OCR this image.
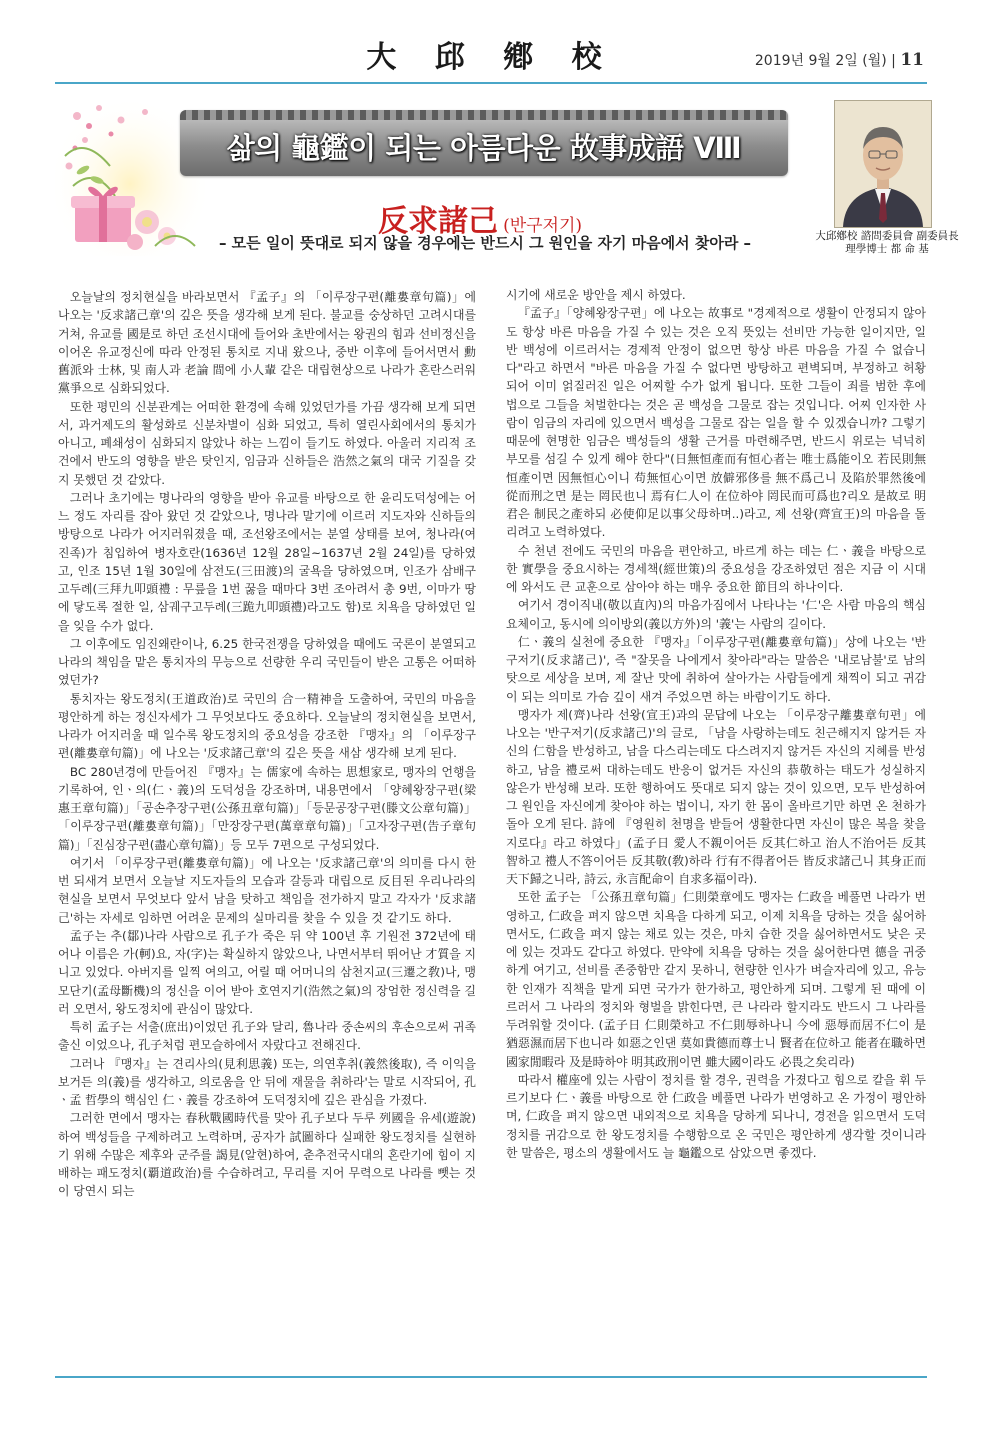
大 邱 鄕 校	2019년 9월 2일 (월) | 11
삶의 龜鑑이 되는 아름다운 故事成語 Ⅷ
反求諸己 (반구저기)
– 모든 일이 뜻대로 되지 않을 경우에는 반드시 그 원인을 자기 마음에서 찾아라 –	大邱鄕校 諮問委員會 副委員長
理學博士 都 命 基

오늘날의 정치현실을 바라보면서 『孟子』의 「이루장구편(離婁章句篇)」에 나오는 '反求諸己章'의 깊은 뜻을 생각해 보게 된다. 불교를 숭상하던 고려시대를 거쳐, 유교를 國是로 하던 조선시대에 들어와 초반에서는 왕권의 힘과 선비정신을 이어온 유교정신에 따라 안정된 통치로 지내 왔으나, 중반 이후에 들어서면서 勳舊派와 士林, 및 南人과 老論 間에 小人輩 같은 대립현상으로 나라가 혼란스러워 黨爭으로 심화되었다.

또한 평민의 신분관계는 어떠한 환경에 속해 있었던가를 가끔 생각해 보게 되면서, 과거제도의 활성화로 신분차별이 심화 되었고, 특히 열린사회에서의 통치가 아니고, 폐쇄성이 심화되지 않았나 하는 느낌이 들기도 하였다. 아울러 지리적 조건에서 반도의 영향을 받은 탓인지, 임금과 신하들은 浩然之氣의 대국 기질을 갖지 못했던 것 같았다.

그러나 초기에는 명나라의 영향을 받아 유교를 바탕으로 한 윤리도덕성에는 어느 정도 자리를 잡아 왔던 것 같았으나, 명나라 말기에 이르러 지도자와 신하들의 방탕으로 나라가 어지러워졌을 때, 조선왕조에서는 분열 상태를 보여, 청나라(여진족)가 침입하여 병자호란(1636년 12월 28일~1637년 2월 24일)를 당하였고, 인조 15년 1월 30일에 삼전도(三田渡)의 굴욕을 당하였으며, 인조가 삼배구고두례(三拜九叩頭禮 : 무릎을 1번 꿇을 때마다 3번 조아려서 총 9번, 이마가 땅에 닿도록 절한 일, 삼궤구고두례(三跪九叩頭禮)라고도 함)로 치욕을 당하였던 일을 잊을 수가 없다.

그 이후에도 임진왜란이나, 6.25 한국전쟁을 당하였을 때에도 국론이 분열되고 나라의 책임을 맡은 통치자의 무능으로 선량한 우리 국민들이 받은 고통은 어떠하였던가?

통치자는 왕도정치(王道政治)로 국민의 合一精神을 도출하여, 국민의 마음을 평안하게 하는 정신자세가 그 무엇보다도 중요하다. 오늘날의 정치현실을 보면서, 나라가 어지러울 때 일수록 왕도정치의 중요성을 강조한 『맹자』의 「이루장구편(離婁章句篇)」에 나오는 '反求諸己章'의 깊은 뜻을 새삼 생각해 보게 된다.

BC 280년경에 만들어진 『맹자』는 儒家에 속하는 思想家로, 맹자의 언행을 기록하여, 인ㆍ의(仁ㆍ義)의 도덕성을 강조하며, 내용면에서 「양혜왕장구편(梁惠王章句篇)」「공손추장구편(公孫丑章句篇)」「등문공장구편(滕文公章句篇)」「이루장구편(離婁章句篇)」「만장장구편(萬章章句篇)」「고자장구편(告子章句篇)」「진심장구편(盡心章句篇)」등 모두 7편으로 구성되었다.

여기서 「이루장구편(離婁章句篇)」에 나오는 '反求諸己章'의 의미를 다시 한번 되새겨 보면서 오늘날 지도자들의 모습과 갈등과 대립으로 反目된 우리나라의 현실을 보면서 무엇보다 앞서 남을 탓하고 책임을 전가하지 말고 각자가 '反求諸己'하는 자세로 임하면 어려운 문제의 실마리를 찾을 수 있을 것 같기도 하다.

孟子는 추(鄒)나라 사람으로 孔子가 죽은 뒤 약 100년 후 기원전 372년에 태어나 이름은 가(軻)요, 자(字)는 확실하지 않았으나, 나면서부터 뛰어난 才質을 지니고 있었다. 아버지를 일찍 여의고, 어릴 때 어머니의 삼천지교(三遷之敎)나, 맹모단기(孟母斷機)의 정신을 이어 받아 호연지기(浩然之氣)의 장엄한 정신력을 길러 오면서, 왕도정치에 관심이 많았다.

특히 孟子는 서출(庶出)이었던 孔子와 달리, 魯나라 중손씨의 후손으로써 귀족출신 이었으나, 孔子처럼 편모슬하에서 자랐다고 전해진다.

그러나 『맹자』는 견리사의(見利思義) 또는, 의연후취(義然後取), 즉 이익을 보거든 의(義)를 생각하고, 의로움을 안 뒤에 재물을 취하라'는 말로 시작되어, 孔ㆍ孟 哲學의 핵심인 仁ㆍ義를 강조하여 도덕정치에 깊은 관심을 가졌다.

그러한 면에서 맹자는 春秋戰國時代를 맞아 孔子보다 두루 列國을 유세(遊說)하여 백성들을 구제하려고 노력하며, 공자가 試圖하다 실패한 왕도정치를 실현하기 위해 수많은 제후와 군주를 謁見(알현)하여, 춘추전국시대의 혼란기에 힘이 지배하는 패도정치(覇道政治)를 수습하려고, 무리를 지어 무력으로 나라를 뺏는 것이 당연시 되는

시기에 새로운 방안을 제시 하였다.

『孟子』「양혜왕장구편」에 나오는 故事로 "경제적으로 생활이 안정되지 않아도 항상 바른 마음을 가질 수 있는 것은 오직 뜻있는 선비만 가능한 일이지만, 일반 백성에 이르러서는 경제적 안정이 없으면 항상 바른 마음을 가질 수 없습니다"라고 하면서 "바른 마음을 가질 수 없다면 방탕하고 편벽되며, 부정하고 허황되어 이미 얽질러진 일은 어찌할 수가 없게 됩니다. 또한 그들이 죄를 범한 후에 법으로 그들을 처벌한다는 것은 곧 백성을 그물로 잡는 것입니다. 어찌 인자한 사람이 임금의 자리에 있으면서 백성을 그물로 잡는 일을 할 수 있겠습니까? 그렇기 때문에 현명한 임금은 백성들의 생활 근거를 마련해주면, 반드시 위로는 넉넉히 부모를 섬길 수 있게 해야 한다"(日無恒產而有恒心者는 唯士爲能이오 若民則無恒產이면 因無恒心이니 苟無恒心이면 放僻邪侈를 無不爲己니 及陷於罪然後에 從而刑之면 是는 罔民也니 焉有仁人이 在位하야 罔民而可爲也?리오 是故로 明君은 制民之產하되 必使仰足以事父母하며..)라고, 제 선왕(齊宣王)의 마음을 돌리려고 노력하였다.

수 천년 전에도 국민의 마음을 편안하고, 바르게 하는 데는 仁ㆍ義을 바탕으로 한 實學을 중요시하는 경세책(經世策)의 중요성을 강조하였던 점은 지금 이 시대에 와서도 큰 교훈으로 삼아야 하는 매우 중요한 節目의 하나이다.

여기서 경이직내(敬以直內)의 마음가짐에서 나타나는 '仁'은 사람 마음의 핵심 요체이고, 동시에 의이방외(義以方外)의 '義'는 사람의 길이다.

仁ㆍ義의 실천에 중요한 『맹자』「이루장구편(離婁章句篇)」상에 나오는 '반구저기(反求諸己)', 즉 "잘못을 나에게서 찾아라"라는 말씀은 '내로남불'로 남의 탓으로 세상을 보며, 제 잘난 맛에 취하여 살아가는 사람들에게 채찍이 되고 귀감이 되는 의미로 가슴 깊이 새겨 주었으면 하는 바람이기도 하다.

맹자가 제(齊)나라 선왕(宣王)과의 문답에 나오는 「이루장구離婁章句편」에 나오는 '반구저기(反求諸己)'의 글로, 「남을 사랑하는데도 친근해지지 않거든 자신의 仁함을 반성하고, 남을 다스리는데도 다스려지지 않거든 자신의 지혜를 반성하고, 남을 禮로써 대하는데도 반응이 없거든 자신의 恭敬하는 태도가 성실하지 않은가 반성해 보라. 또한 행하여도 뜻대로 되지 않는 것이 있으면, 모두 반성하여 그 원인을 자신에게 찾아야 하는 법이니, 자기 한 몸이 올바르기만 하면 온 천하가 돌아 오게 된다. 詩에 『영원히 천명을 받들어 생활한다면 자신이 많은 복을 찾을 지로다』라고 하였다」(孟子日 愛人不親이어든 反其仁하고 治人不治어든 反其智하고 禮人不答이어든 反其敬(敎)하라 行有不得者어든 皆反求諸己니 其身正而天下歸之니라, 詩云, 永言配命이 自求多福이라).

또한 孟子는 「公孫丑章句篇」仁則榮章에도 맹자는 仁政을 베풀면 나라가 번영하고, 仁政을 펴지 않으면 치욕을 다하게 되고, 이제 치욕을 당하는 것을 싫어하면서도, 仁政을 펴지 않는 채로 있는 것은, 마치 습한 것을 싫어하면서도 낮은 곳에 있는 것과도 같다고 하였다. 만약에 치욕을 당하는 것을 싫어한다면 德을 귀중하게 여기고, 선비를 존중함만 같지 못하니, 현량한 인사가 벼슬자리에 있고, 유능한 인재가 직책을 맡게 되면 국가가 한가하고, 평안하게 되며. 그렇게 된 때에 이르러서 그 나라의 정치와 형벌을 밝힌다면, 큰 나라라 할지라도 반드시 그 나라를 두려워할 것이다. (孟子日 仁則榮하고 不仁則辱하나니 今에 惡辱而居不仁이 是猶惡濕而居下也니라 如惡之인댄 莫如貴德而尊士니 賢者在位하고 能者在職하면 國家閒暇라 及是時하야 明其政刑이면 雖大國이라도 必畏之矣리라)

따라서 權座에 있는 사람이 정치를 할 경우, 권력을 가졌다고 힘으로 칼을 휘 두르기보다 仁ㆍ義를 바탕으로 한 仁政을 베풀면 나라가 번영하고 온 가정이 평안하며, 仁政을 펴지 않으면 내외적으로 치욕을 당하게 되나니, 경전을 읽으면서 도덕정치를 귀감으로 한 왕도정치를 수행함으로 온 국민은 평안하게 생각할 것이니라 한 말씀은, 평소의 생활에서도 늘 龜鑑으로 삼았으면 좋겠다.
